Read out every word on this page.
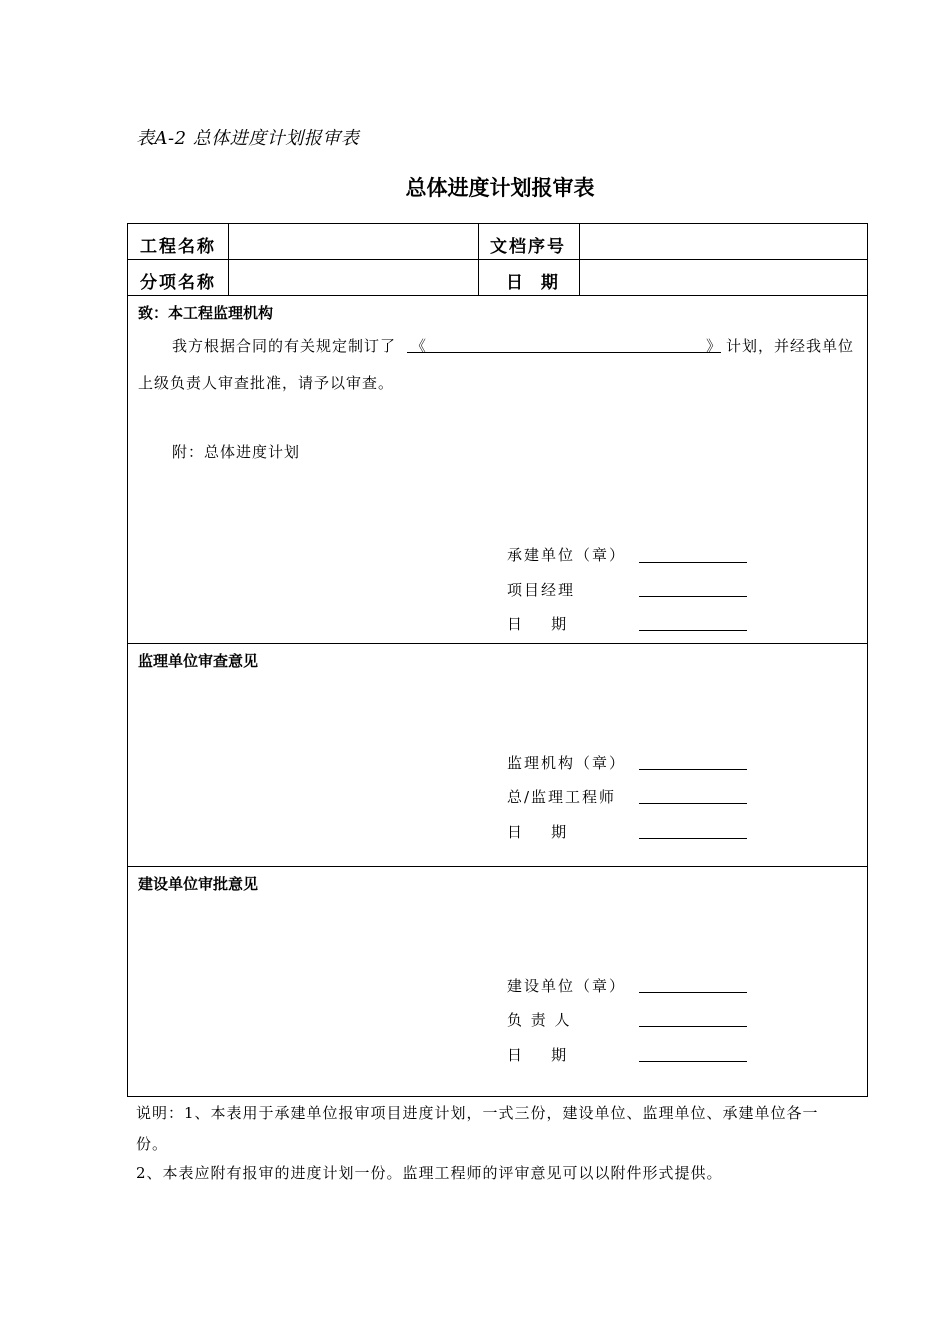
表A-2 总体进度计划报审表
总体进度计划报审表
工程名称	文档序号
分项名称	日  期
致：本工程监理机构
我方根据合同的有关规定制订了 《	》 计划，并经我单位
上级负责人审查批准，请予以审查。
附：总体进度计划
承建单位（章）
项目经理
日    期
监理单位审查意见
监理机构（章）
总/监理工程师
日    期
建设单位审批意见
建设单位（章）
负 责 人
日    期
说明：1、本表用于承建单位报审项目进度计划，一式三份，建设单位、监理单位、承建单位各一
份。
2、本表应附有报审的进度计划一份。监理工程师的评审意见可以以附件形式提供。
